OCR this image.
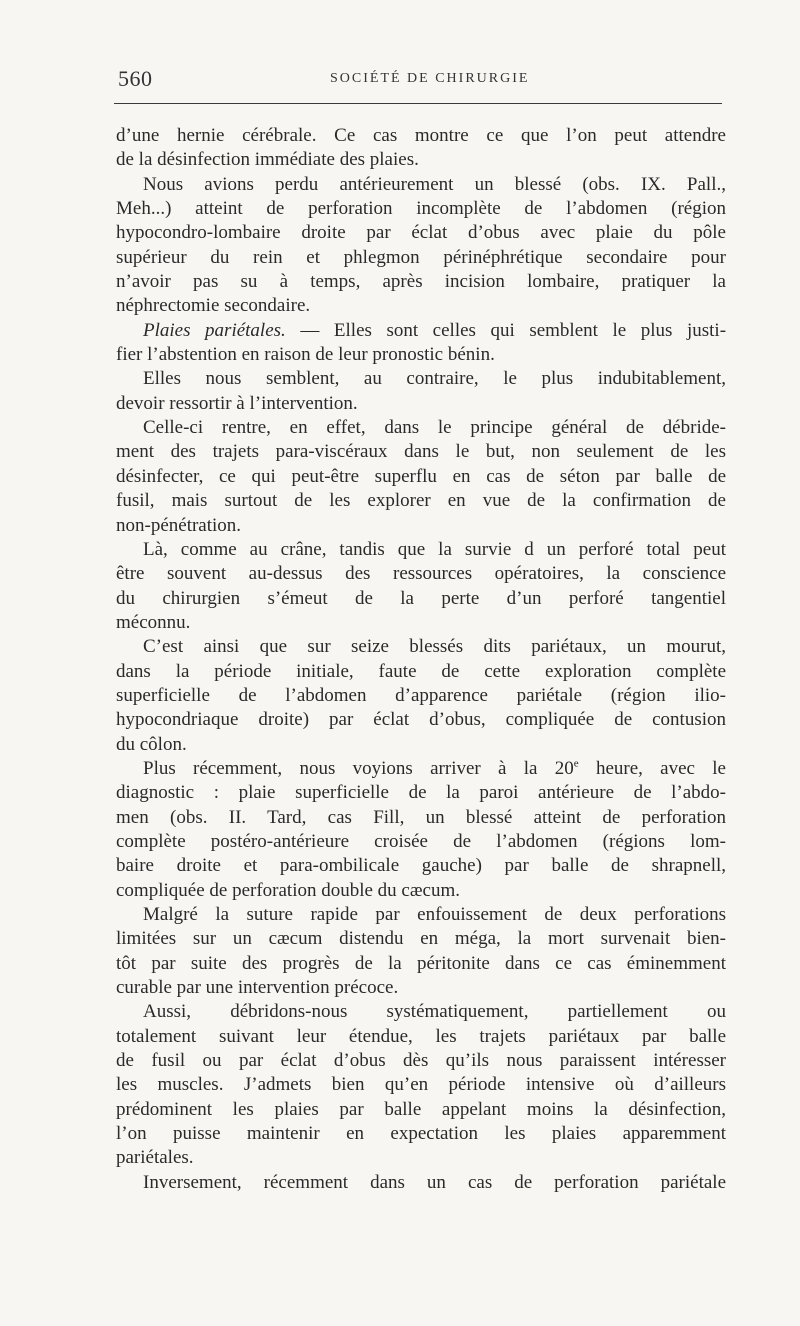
560	SOCIÉTÉ DE CHIRURGIE
d’une hernie cérébrale. Ce cas montre ce que l’on peut attendre
de la désinfection immédiate des plaies.
Nous avions perdu antérieurement un blessé (obs. IX. Pall.,
Meh...) atteint de perforation incomplète de l’abdomen (région
hypocondro-lombaire droite par éclat d’obus avec plaie du pôle
supérieur du rein et phlegmon périnéphrétique secondaire pour
n’avoir pas su à temps, après incision lombaire, pratiquer la
néphrectomie secondaire.
Plaies pariétales. — Elles sont celles qui semblent le plus justi-
fier l’abstention en raison de leur pronostic bénin.
Elles nous semblent, au contraire, le plus indubitablement,
devoir ressortir à l’intervention.
Celle-ci rentre, en effet, dans le principe général de débride-
ment des trajets para-viscéraux dans le but, non seulement de les
désinfecter, ce qui peut-être superflu en cas de séton par balle de
fusil, mais surtout de les explorer en vue de la confirmation de
non-pénétration.
Là, comme au crâne, tandis que la survie d un perforé total peut
être souvent au-dessus des ressources opératoires, la conscience
du chirurgien s’émeut de la perte d’un perforé tangentiel
méconnu.
C’est ainsi que sur seize blessés dits pariétaux, un mourut,
dans la période initiale, faute de cette exploration complète
superficielle de l’abdomen d’apparence pariétale (région ilio-
hypocondriaque droite) par éclat d’obus, compliquée de contusion
du côlon.
Plus récemment, nous voyions arriver à la 20e heure, avec le
diagnostic : plaie superficielle de la paroi antérieure de l’abdo-
men (obs. II. Tard, cas Fill, un blessé atteint de perforation
complète postéro-antérieure croisée de l’abdomen (régions lom-
baire droite et para-ombilicale gauche) par balle de shrapnell,
compliquée de perforation double du cæcum.
Malgré la suture rapide par enfouissement de deux perforations
limitées sur un cæcum distendu en méga, la mort survenait bien-
tôt par suite des progrès de la péritonite dans ce cas éminemment
curable par une intervention précoce.
Aussi, débridons-nous systématiquement, partiellement ou
totalement suivant leur étendue, les trajets pariétaux par balle
de fusil ou par éclat d’obus dès qu’ils nous paraissent intéresser
les muscles. J’admets bien qu’en période intensive où d’ailleurs
prédominent les plaies par balle appelant moins la désinfection,
l’on puisse maintenir en expectation les plaies apparemment
pariétales.
Inversement, récemment dans un cas de perforation pariétale
